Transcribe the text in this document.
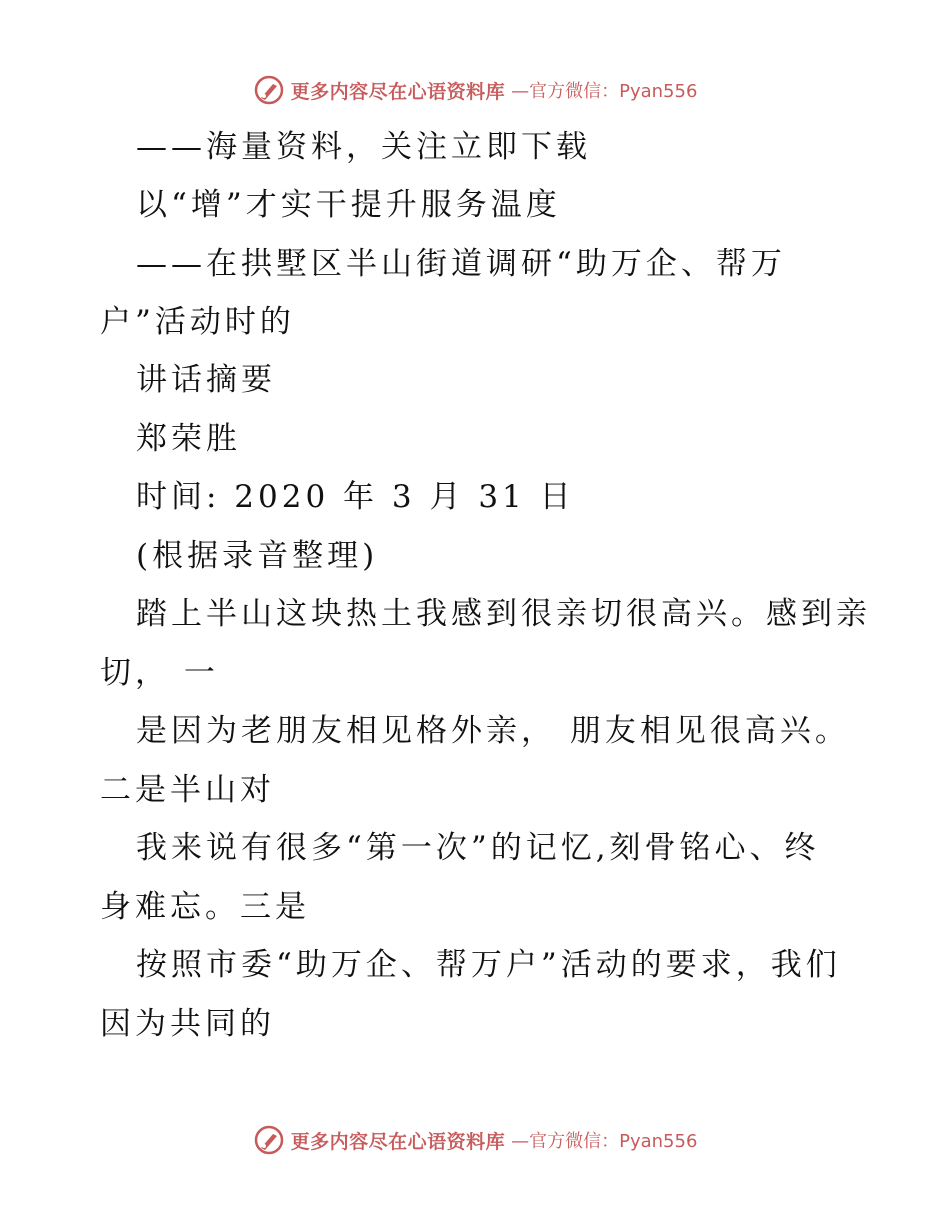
更多内容尽在心语资料库 —官方微信：Pyan556
——海量资料，关注立即下载
以“增”才实干提升服务温度
——在拱墅区半山街道调研“助万企、帮万
户”活动时的
讲话摘要
郑荣胜
时间: 2020 年 3 月 31 日
(根据录音整理)
踏上半山这块热土我感到很亲切很高兴。感到亲
切， 一
是因为老朋友相见格外亲， 朋友相见很高兴。
二是半山对
我来说有很多“第一次”的记忆,刻骨铭心、终
身难忘。三是
按照市委“助万企、帮万户”活动的要求，我们
因为共同的
更多内容尽在心语资料库 —官方微信：Pyan556
